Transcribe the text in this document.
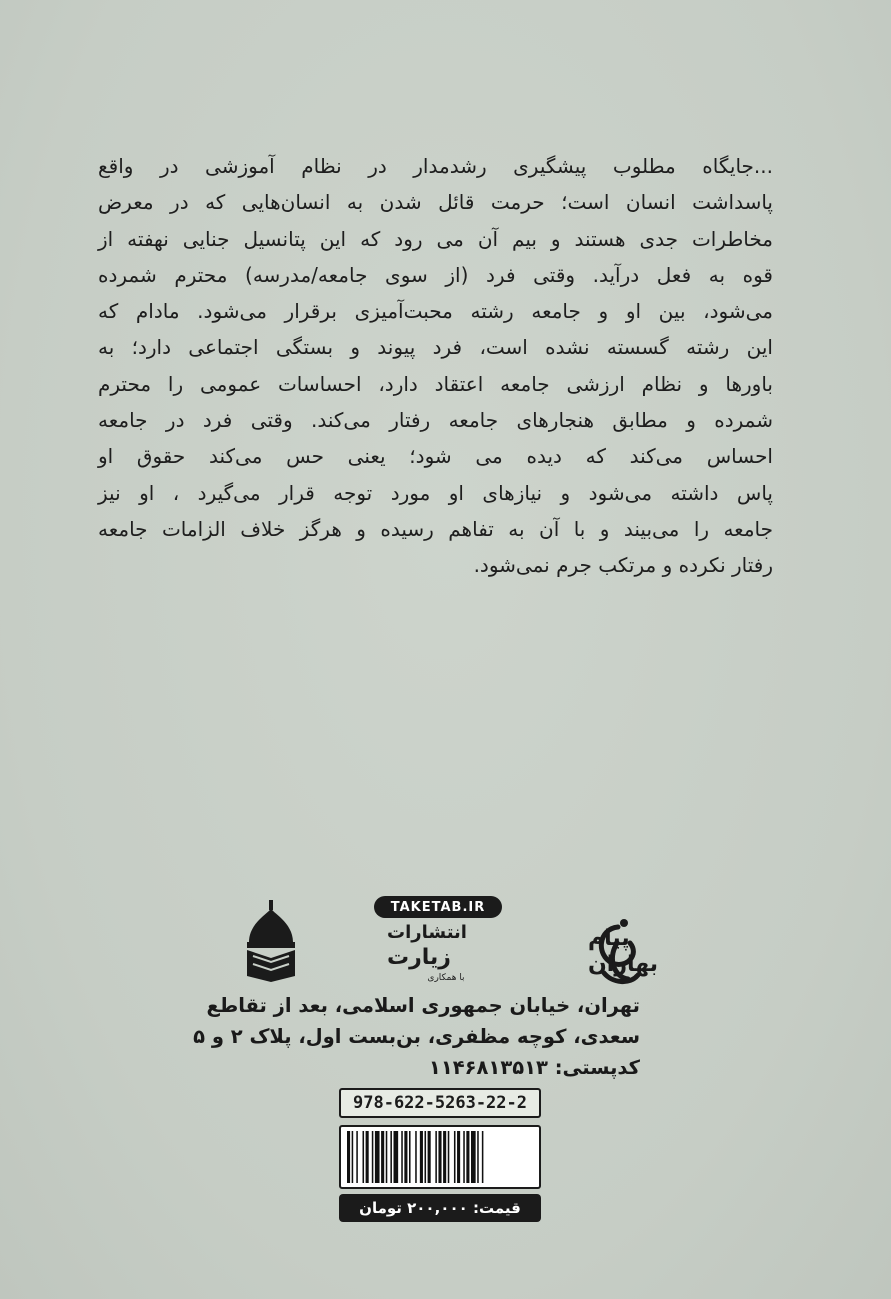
...جایگاه مطلوب پیشگیری رشدمدار در نظام آموزشی در واقع
پاسداشت انسان است؛ حرمت قائل شدن به انسان‌هایی که در معرض
مخاطرات جدی هستند و بیم آن می رود که این پتانسیل جنایی نهفته از
قوه به فعل درآید. وقتی فرد (از سوی جامعه/مدرسه) محترم شمرده
می‌شود، بین او و جامعه رشته محبت‌آمیزی برقرار می‌شود. مادام که
این رشته گسسته نشده است، فرد پیوند و بستگی اجتماعی دارد؛ به
باورها و نظام ارزشی جامعه اعتقاد دارد، احساسات عمومی را محترم
شمرده و مطابق هنجارهای جامعه رفتار می‌کند. وقتی فرد در جامعه
احساس می‌کند که دیده می شود؛ یعنی حس می‌کند حقوق او
پاس داشته می‌شود و نیازهای او مورد توجه قرار می‌گیرد ، او نیز
جامعه را می‌بیند و با آن به تفاهم رسیده و هرگز خلاف الزامات جامعه
رفتار نکرده و مرتکب جرم نمی‌شود.
TAKETAB.IR
پیام
بهاران
انتشارات
زیارت
با همکاری
تهران، خیابان جمهوری اسلامی، بعد از تقاطع
سعدی، کوچه مظفری، بن‌بست اول، پلاک ۲ و ۵
کدپستی: ۱۱۴۶۸۱۳۵۱۳
978-622-5263-22-2
قیمت: ۲۰۰,۰۰۰ تومان
